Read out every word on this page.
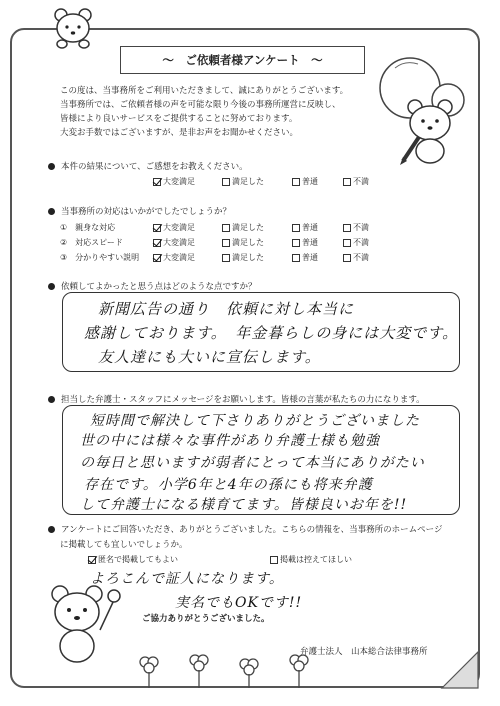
～　ご依頼者様アンケート　～
この度は、当事務所をご利用いただきまして、誠にありがとうございます。
当事務所では、ご依頼者様の声を可能な限り今後の事務所運営に反映し、
皆様により良いサービスをご提供することに努めております。
大変お手数ではございますが、是非お声をお聞かせください。
本件の結果について、ご感想をお教えください。
大変満足	満足した	普通	不満
当事務所の対応はいかがでしたでしょうか？
①　 親身な対応	大変満足	満足した	普通	不満
②　 対応スピード	大変満足	満足した	普通	不満
③　 分かりやすい説明	大変満足	満足した	普通	不満
依頼してよかったと思う点はどのような点ですか？
新聞広告の通り　依頼に対し本当に
感謝しております。　年金暮らしの身には大変です。
友人達にも大いに宣伝します。
担当した弁護士・スタッフにメッセージをお願いします。皆様の言葉が私たちの力になります。
短時間で解決して下さりありがとうございました
世の中には様々な事件があり弁護士様も勉強
の毎日と思いますが弱者にとって本当にありがたい
存在です。小学6年と4年の孫にも将来弁護
して弁護士になる様育てます。皆様良いお年を!!
アンケートにご回答いただき、ありがとうございました。こちらの情報を、当事務所のホームページ
に掲載しても宜しいでしょうか。
匿名で掲載してもよい	掲載は控えてほしい
よろこんで証人になります。
実名でもOKです!!
ご協力ありがとうございました。
弁護士法人　山本総合法律事務所
